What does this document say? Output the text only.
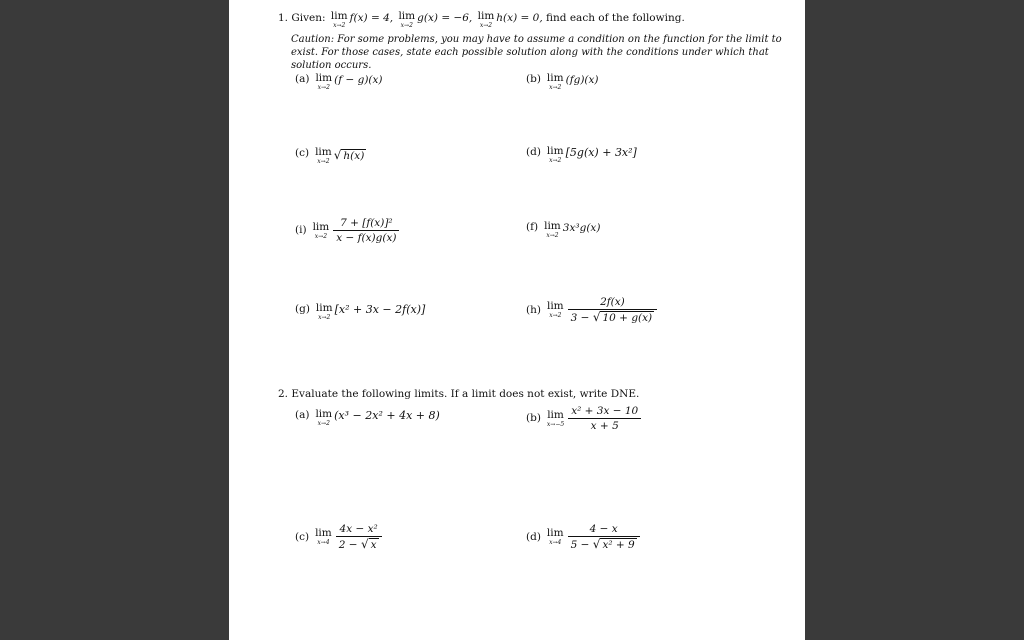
1. Given: lim
x→2
f(x) = 4, lim
x→2
g(x) = −6, lim
x→2
h(x) = 0, find each of the following.
Caution: For some problems, you may have to assume a condition on the function for the limit to exist. For those cases, state each possible solution along with the conditions under which that solution occurs.
(a) lim
x→2
(f − g)(x)	(b) lim
x→2
(fg)(x)
(c) lim
x→2 √ h(x)	(d) lim
x→2
[5g(x) + 3x²]
(i) lim
$x\to 2 \frac{\text{7 + [f(x)]²}}{x - f(x)g(x)}$	(f) lim
x→2
3x³g(x)
(g) lim
x→2
[x² + 3x − 2f(x)]	(h) lim
$x\to 2 \frac{2f(x)}{3 - √ 10 + g(x)}$
2. Evaluate the following limits. If a limit does not exist, write DNE.
(a) lim
x→2
(x³ − 2x² + 4x + 8)	(b) lim
$x\to-5 \frac{\text{x² + 3x − 10}}{x + 5}$
(c) lim
$x\to 4 \frac{\text{4x − x²}}{2 - √ x}$	(d) lim
$x\to 4 \frac{4 - x}{\text{5 − √ x² + 9}}$
